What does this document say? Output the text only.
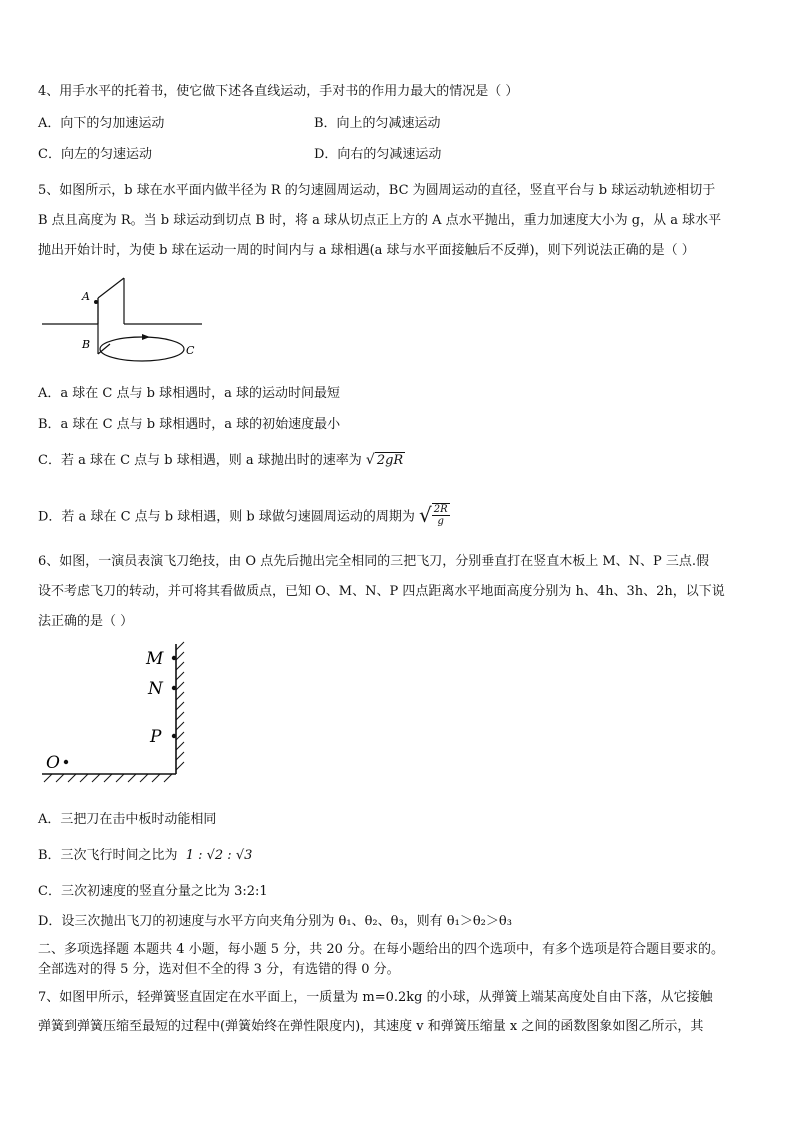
4、用手水平的托着书，使它做下述各直线运动，手对书的作用力最大的情况是（ ）
A．向下的匀加速运动	B．向上的匀减速运动
C．向左的匀速运动	D．向右的匀减速运动
5、如图所示，b 球在水平面内做半径为 R 的匀速圆周运动，BC 为圆周运动的直径，竖直平台与 b 球运动轨迹相切于
B 点且高度为 R。当 b 球运动到切点 B 时，将 a 球从切点正上方的 A 点水平抛出，重力加速度大小为 g，从 a 球水平
抛出开始计时，为使 b 球在运动一周的时间内与 a 球相遇(a 球与水平面接触后不反弹)，则下列说法正确的是（ ）
A
B	C
A．a 球在 C 点与 b 球相遇时，a 球的运动时间最短
B．a 球在 C 点与 b 球相遇时，a 球的初始速度最小
C．若 a 球在 C 点与 b 球相遇，则 a 球抛出时的速率为 √ 2gR
D．若 a 球在 C 点与 b 球相遇，则 b 球做匀速圆周运动的周期为 √ $\frac{2R}{g}$
6、如图，一演员表演飞刀绝技，由 O 点先后抛出完全相同的三把飞刀，分别垂直打在竖直木板上 M、N、P 三点.假
设不考虑飞刀的转动，并可将其看做质点，已知 O、M、N、P 四点距离水平地面高度分别为 h、4h、3h、2h，以下说
法正确的是（ ）
M
N
P
O
A．三把刀在击中板时动能相同
B．三次飞行时间之比为 1 : √2 : √3
C．三次初速度的竖直分量之比为 3:2:1
D．设三次抛出飞刀的初速度与水平方向夹角分别为 θ₁、θ₂、θ₃，则有 θ₁＞θ₂＞θ₃
二、多项选择题 本题共 4 小题，每小题 5 分，共 20 分。在每小题给出的四个选项中，有多个选项是符合题目要求的。
全部选对的得 5 分，选对但不全的得 3 分，有选错的得 0 分。
7、如图甲所示，轻弹簧竖直固定在水平面上，一质量为 m=0.2kg 的小球，从弹簧上端某高度处自由下落，从它接触
弹簧到弹簧压缩至最短的过程中(弹簧始终在弹性限度内)，其速度 v 和弹簧压缩量 x 之间的函数图象如图乙所示，其
